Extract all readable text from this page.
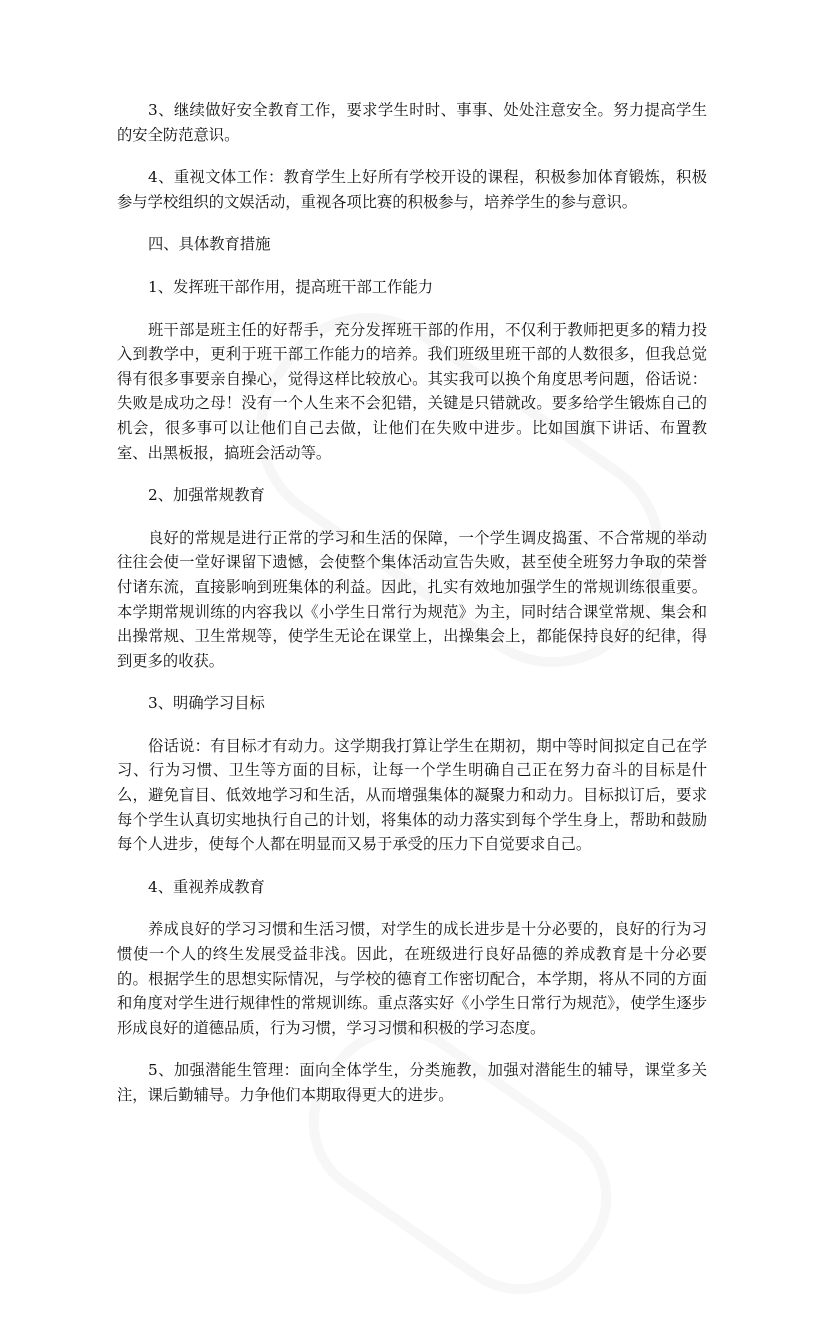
3、继续做好安全教育工作，要求学生时时、事事、处处注意安全。努力提高学生的安全防范意识。

4、重视文体工作：教育学生上好所有学校开设的课程，积极参加体育锻炼，积极参与学校组织的文娱活动，重视各项比赛的积极参与，培养学生的参与意识。

四、具体教育措施

1、发挥班干部作用，提高班干部工作能力

班干部是班主任的好帮手，充分发挥班干部的作用，不仅利于教师把更多的精力投入到教学中，更利于班干部工作能力的培养。我们班级里班干部的人数很多，但我总觉得有很多事要亲自操心，觉得这样比较放心。其实我可以换个角度思考问题，俗话说：失败是成功之母！没有一个人生来不会犯错，关键是只错就改。要多给学生锻炼自己的机会，很多事可以让他们自己去做，让他们在失败中进步。比如国旗下讲话、布置教室、出黑板报，搞班会活动等。

2、加强常规教育

良好的常规是进行正常的学习和生活的保障，一个学生调皮捣蛋、不合常规的举动往往会使一堂好课留下遗憾，会使整个集体活动宣告失败，甚至使全班努力争取的荣誉付诸东流，直接影响到班集体的利益。因此，扎实有效地加强学生的常规训练很重要。本学期常规训练的内容我以《小学生日常行为规范》为主，同时结合课堂常规、集会和出操常规、卫生常规等，使学生无论在课堂上，出操集会上，都能保持良好的纪律，得到更多的收获。

3、明确学习目标

俗话说：有目标才有动力。这学期我打算让学生在期初，期中等时间拟定自己在学习、行为习惯、卫生等方面的目标，让每一个学生明确自己正在努力奋斗的目标是什么，避免盲目、低效地学习和生活，从而增强集体的凝聚力和动力。目标拟订后，要求每个学生认真切实地执行自己的计划，将集体的动力落实到每个学生身上，帮助和鼓励每个人进步，使每个人都在明显而又易于承受的压力下自觉要求自己。

4、重视养成教育

养成良好的学习习惯和生活习惯，对学生的成长进步是十分必要的，良好的行为习惯使一个人的终生发展受益非浅。因此，在班级进行良好品德的养成教育是十分必要的。根据学生的思想实际情况，与学校的德育工作密切配合，本学期，将从不同的方面和角度对学生进行规律性的常规训练。重点落实好《小学生日常行为规范》，使学生逐步形成良好的道德品质，行为习惯，学习习惯和积极的学习态度。

5、加强潜能生管理：面向全体学生，分类施教，加强对潜能生的辅导，课堂多关注，课后勤辅导。力争他们本期取得更大的进步。
